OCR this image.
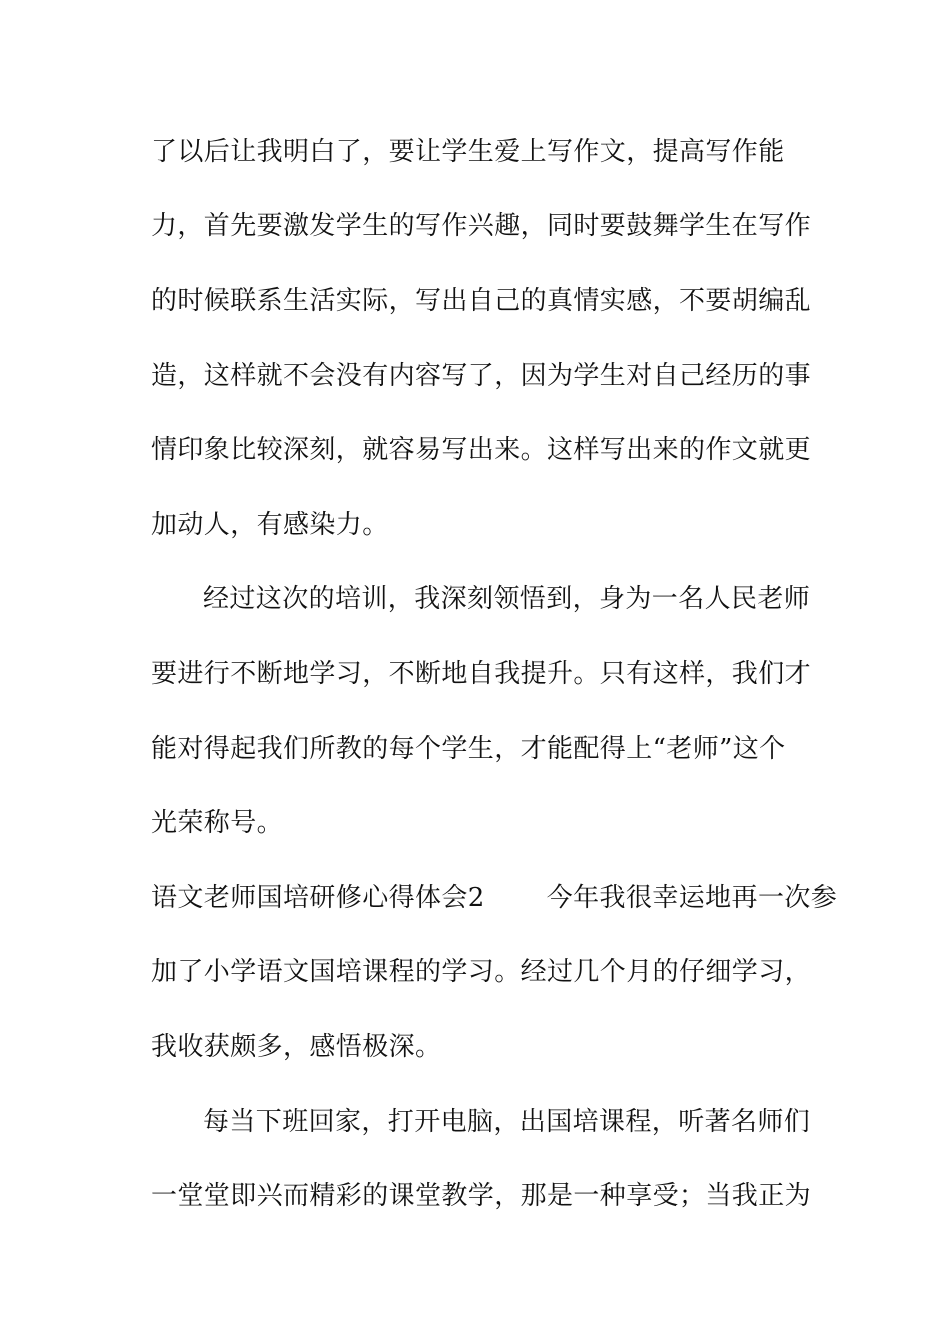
了以后让我明白了，要让学生爱上写作文，提高写作能
力，首先要激发学生的写作兴趣，同时要鼓舞学生在写作
的时候联系生活实际，写出自己的真情实感，不要胡编乱
造，这样就不会没有内容写了，因为学生对自己经历的事
情印象比较深刻，就容易写出来。这样写出来的作文就更
加动人，有感染力。
经过这次的培训，我深刻领悟到，身为一名人民老师
要进行不断地学习，不断地自我提升。只有这样，我们才
能对得起我们所教的每个学生，才能配得上“老师”这个
光荣称号。
语文老师国培研修心得体会2 今年我很幸运地再一次参
加了小学语文国培课程的学习。经过几个月的仔细学习，
我收获颇多，感悟极深。
每当下班回家，打开电脑，出国培课程，听著名师们
一堂堂即兴而精彩的课堂教学，那是一种享受；当我正为
